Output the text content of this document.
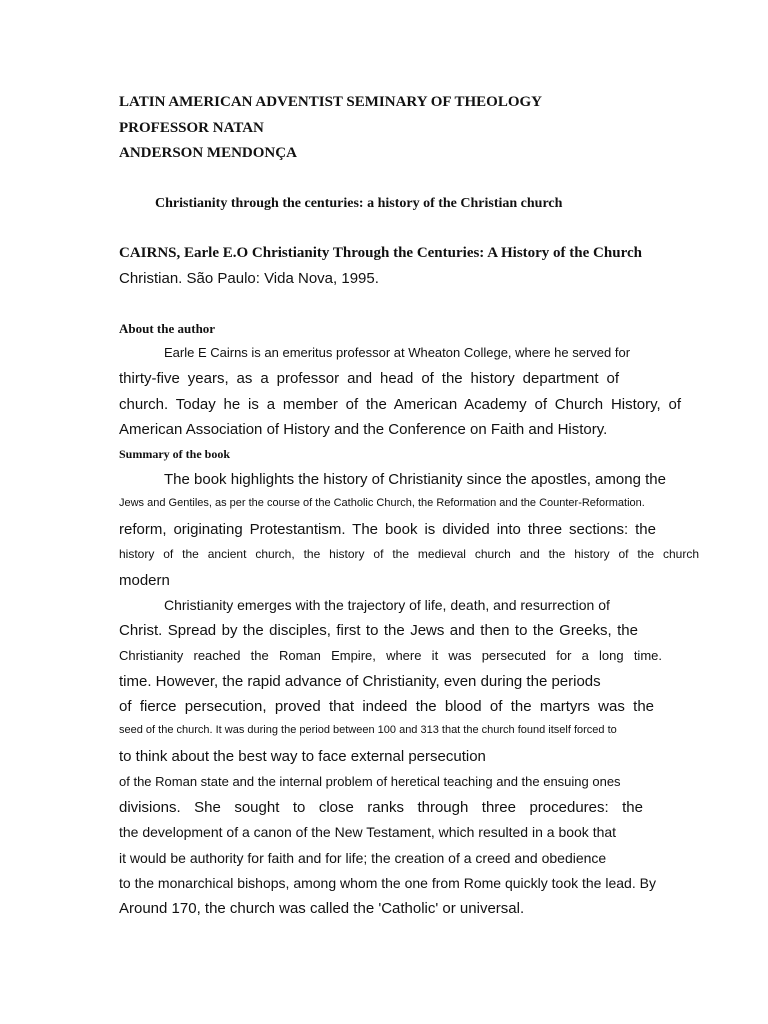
LATIN AMERICAN ADVENTIST SEMINARY OF THEOLOGY
PROFESSOR NATAN
ANDERSON MENDONÇA
Christianity through the centuries: a history of the Christian church
CAIRNS, Earle E.O Christianity Through the Centuries: A History of the Church
Christian. São Paulo: Vida Nova, 1995.
About the author
Earle E Cairns is an emeritus professor at Wheaton College, where he served for
thirty-five years, as a professor and head of the history department of
church. Today he is a member of the American Academy of Church History, of
American Association of History and the Conference on Faith and History.
Summary of the book
The book highlights the history of Christianity since the apostles, among the
Jews and Gentiles, as per the course of the Catholic Church, the Reformation and the Counter-Reformation.
reform, originating Protestantism. The book is divided into three sections: the
history of the ancient church, the history of the medieval church and the history of the church
modern
Christianity emerges with the trajectory of life, death, and resurrection of
Christ. Spread by the disciples, first to the Jews and then to the Greeks, the
Christianity reached the Roman Empire, where it was persecuted for a long time.
time. However, the rapid advance of Christianity, even during the periods
of fierce persecution, proved that indeed the blood of the martyrs was the
seed of the church. It was during the period between 100 and 313 that the church found itself forced to
to think about the best way to face external persecution
of the Roman state and the internal problem of heretical teaching and the ensuing ones
divisions. She sought to close ranks through three procedures: the
the development of a canon of the New Testament, which resulted in a book that
it would be authority for faith and for life; the creation of a creed and obedience
to the monarchical bishops, among whom the one from Rome quickly took the lead. By
Around 170, the church was called the 'Catholic' or universal.
